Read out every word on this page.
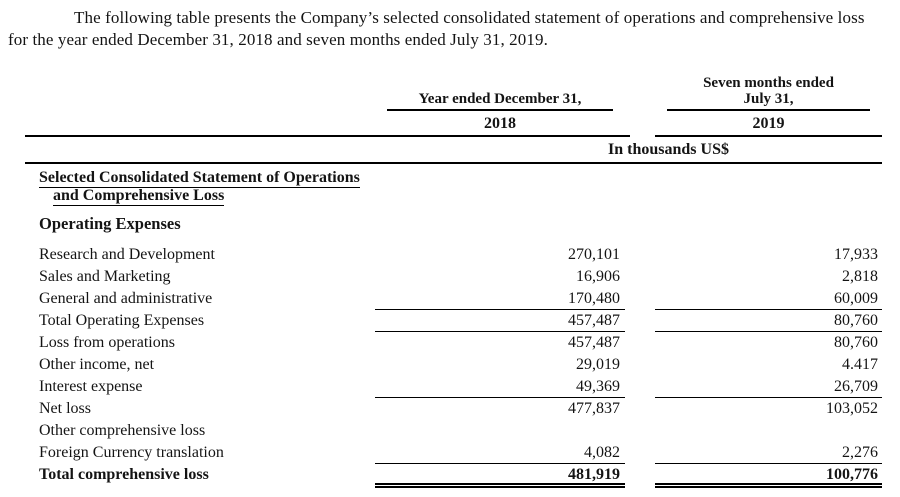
The following table presents the Company’s selected consolidated statement of operations and comprehensive loss for the year ended December 31, 2018 and seven months ended July 31, 2019.

Year ended December 31,
Seven months ended
July 31,
2018	2019
In thousands US$
Selected Consolidated Statement of Operations
and Comprehensive Loss
Operating Expenses
Research and Development	270,101	17,933
Sales and Marketing	16,906	2,818
General and administrative	170,480	60,009
Total Operating Expenses	457,487	80,760
Loss from operations	457,487	80,760
Other income, net	29,019	4.417
Interest expense	49,369	26,709
Net loss	477,837	103,052
Other comprehensive loss
Foreign Currency translation	4,082	2,276
Total comprehensive loss	481,919	100,776
